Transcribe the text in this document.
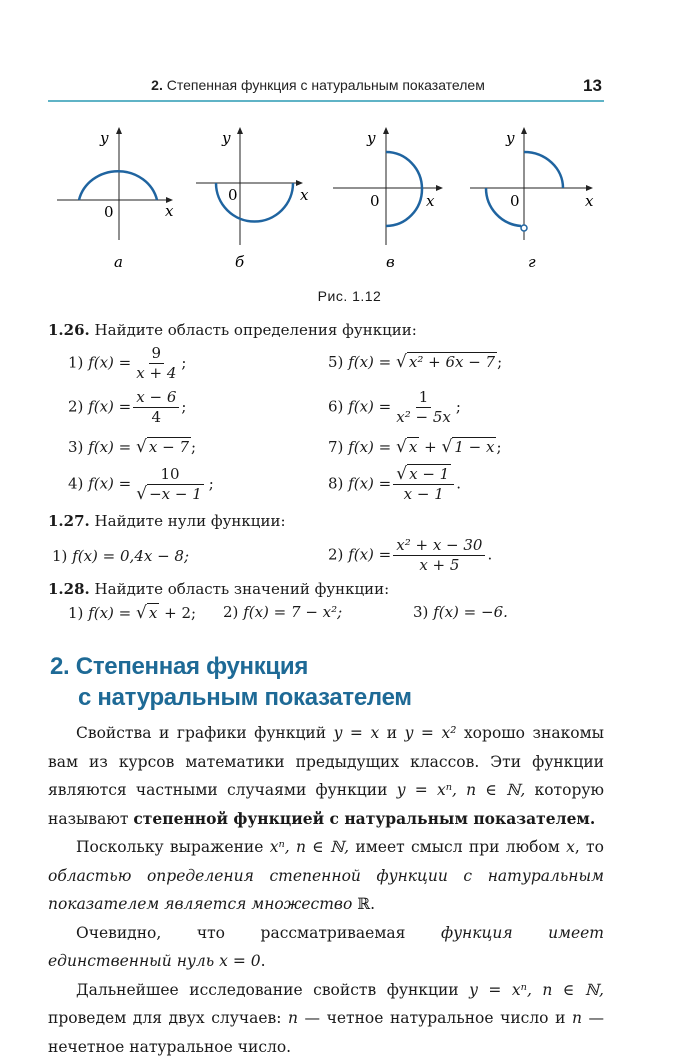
2. Степенная функция с натуральным показателем	13
y
0	x
а
y
0	x
б
y
0	x
в
y
0	x
г
Рис. 1.12
1.26. Найдите область определения функции:
1) $f(x) = \frac{9}{x + 4}$ ;
2) $f(x) = \frac{x - 6}{4}$ ;
3) f(x) = √ x − 7 ;
4) $f(x) = \frac{10}{√ -x - 1}$ ;
5) f(x) = √ x² + 6x − 7 ;
6) $f(x) = \frac{1}{\text{x² − 5x}}$ ;
7) f(x) = √ x + √ 1 − x ;
8) $f(x) = \frac{√ x - 1}{x - 1}$ .
1.27. Найдите нули функции:
1) f(x) = 0,4x − 8;	2) $f(x) = \frac{\text{x² + x − 30}}{x + 5}$ .
1.28. Найдите область значений функции:
1) f(x) = √ x + 2; 2) f(x) = 7 − x²;	3) f(x) = −6.
2. Степенная функция
с натуральным показателем

Свойства и графики функций y = x и y = x² хорошо знакомы вам из курсов математики предыдущих классов. Эти функции являются частными случаями функции y = xⁿ, n ∈ ℕ, которую называют степенной функцией с натуральным показателем.

Поскольку выражение xⁿ, n ∈ ℕ, имеет смысл при любом x, то областью определения степенной функции с натуральным показателем является множество ℝ.

Очевидно, что рассматриваемая функция имеет единственный нуль x = 0.

Дальнейшее исследование свойств функции y = xⁿ, n ∈ ℕ, проведем для двух случаев: n — четное натуральное число и n — нечетное натуральное число.
